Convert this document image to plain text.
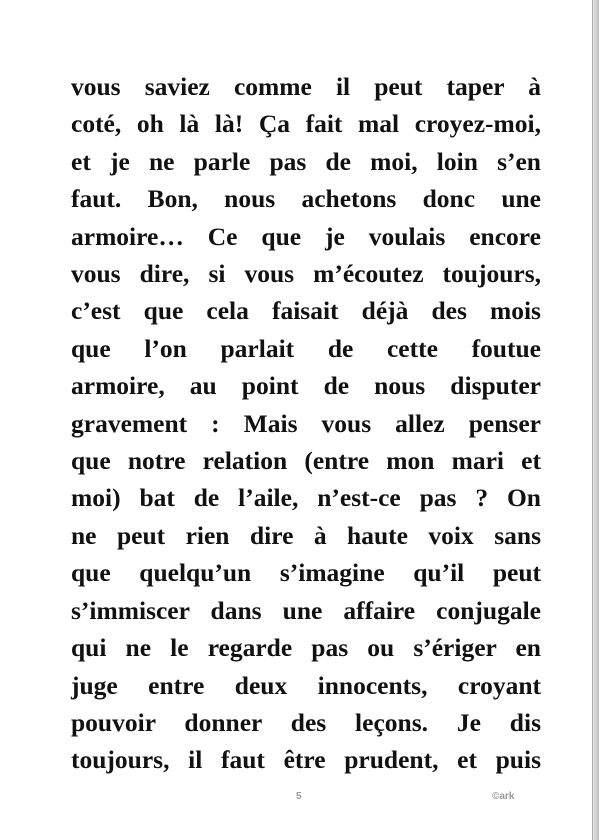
vous saviez comme il peut taper à
coté, oh là là! Ça fait mal croyez-moi,
et je ne parle pas de moi, loin s’en
faut. Bon, nous achetons donc une
armoire… Ce que je voulais encore
vous dire, si vous m’écoutez toujours,
c’est que cela faisait déjà des mois
que l’on parlait de cette foutue
armoire, au point de nous disputer
gravement : Mais vous allez penser
que notre relation (entre mon mari et
moi) bat de l’aile, n’est-ce pas ? On
ne peut rien dire à haute voix sans
que quelqu’un s’imagine qu’il peut
s’immiscer dans une affaire conjugale
qui ne le regarde pas ou s’ériger en
juge entre deux innocents, croyant
pouvoir donner des leçons. Je dis
toujours, il faut être prudent, et puis
5	©ark
